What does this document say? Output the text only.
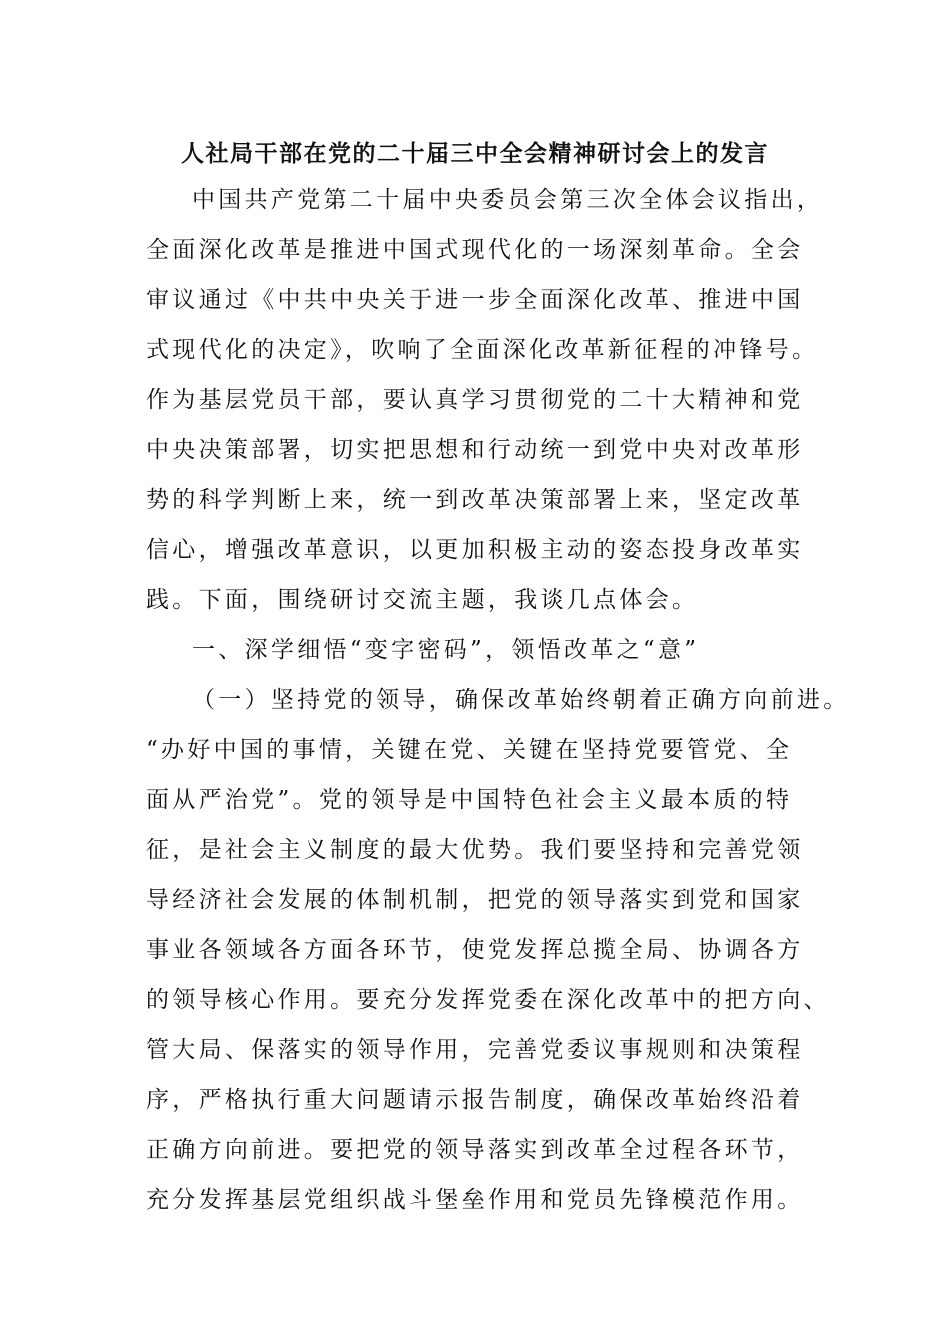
人社局干部在党的二十届三中全会精神研讨会上的发言
中国共产党第二十届中央委员会第三次全体会议指出，
全面深化改革是推进中国式现代化的一场深刻革命。全会
审议通过《中共中央关于进一步全面深化改革、推进中国
式现代化的决定》，吹响了全面深化改革新征程的冲锋号。
作为基层党员干部，要认真学习贯彻党的二十大精神和党
中央决策部署，切实把思想和行动统一到党中央对改革形
势的科学判断上来，统一到改革决策部署上来，坚定改革
信心，增强改革意识，以更加积极主动的姿态投身改革实
践。下面，围绕研讨交流主题，我谈几点体会。
一、深学细悟“变字密码”，领悟改革之“意”
（一）坚持党的领导，确保改革始终朝着正确方向前进。
“办好中国的事情，关键在党、关键在坚持党要管党、全
面从严治党”。党的领导是中国特色社会主义最本质的特
征，是社会主义制度的最大优势。我们要坚持和完善党领
导经济社会发展的体制机制，把党的领导落实到党和国家
事业各领域各方面各环节，使党发挥总揽全局、协调各方
的领导核心作用。要充分发挥党委在深化改革中的把方向、
管大局、保落实的领导作用，完善党委议事规则和决策程
序，严格执行重大问题请示报告制度，确保改革始终沿着
正确方向前进。要把党的领导落实到改革全过程各环节，
充分发挥基层党组织战斗堡垒作用和党员先锋模范作用。
